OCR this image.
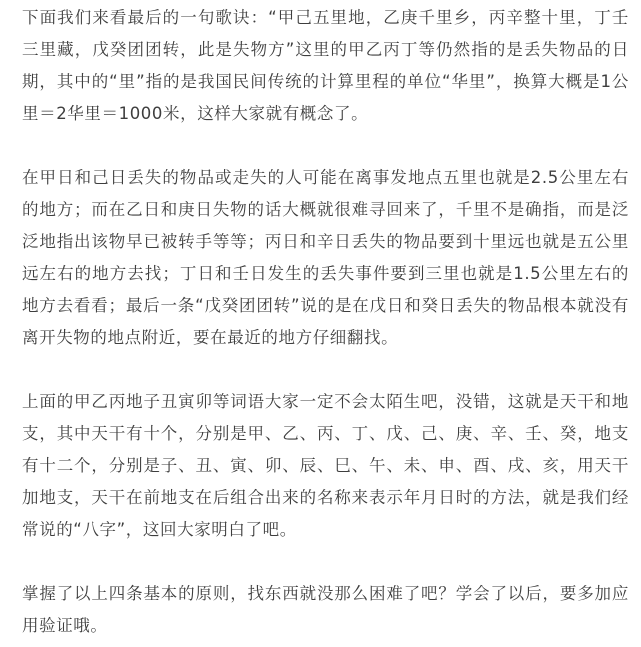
下面我们来看最后的一句歌诀：“甲己五里地，乙庚千里乡，丙辛整十里，丁壬三里藏，戊癸团团转，此是失物方”这里的甲乙丙丁等仍然指的是丢失物品的日期，其中的“里”指的是我国民间传统的计算里程的单位“华里”，换算大概是1公里＝2华里＝1000米，这样大家就有概念了。

在甲日和己日丢失的物品或走失的人可能在离事发地点五里也就是2.5公里左右的地方；而在乙日和庚日失物的话大概就很难寻回来了，千里不是确指，而是泛泛地指出该物早已被转手等等；丙日和辛日丢失的物品要到十里远也就是五公里远左右的地方去找；丁日和壬日发生的丢失事件要到三里也就是1.5公里左右的地方去看看；最后一条“戊癸团团转”说的是在戊日和癸日丢失的物品根本就没有离开失物的地点附近，要在最近的地方仔细翻找。

上面的甲乙丙地子丑寅卯等词语大家一定不会太陌生吧，没错，这就是天干和地支，其中天干有十个，分别是甲、乙、丙、丁、戊、己、庚、辛、壬、癸，地支有十二个，分别是子、丑、寅、卯、辰、巳、午、未、申、酉、戌、亥，用天干加地支，天干在前地支在后组合出来的名称来表示年月日时的方法，就是我们经常说的“八字”，这回大家明白了吧。

掌握了以上四条基本的原则，找东西就没那么困难了吧？学会了以后，要多加应用验证哦。
